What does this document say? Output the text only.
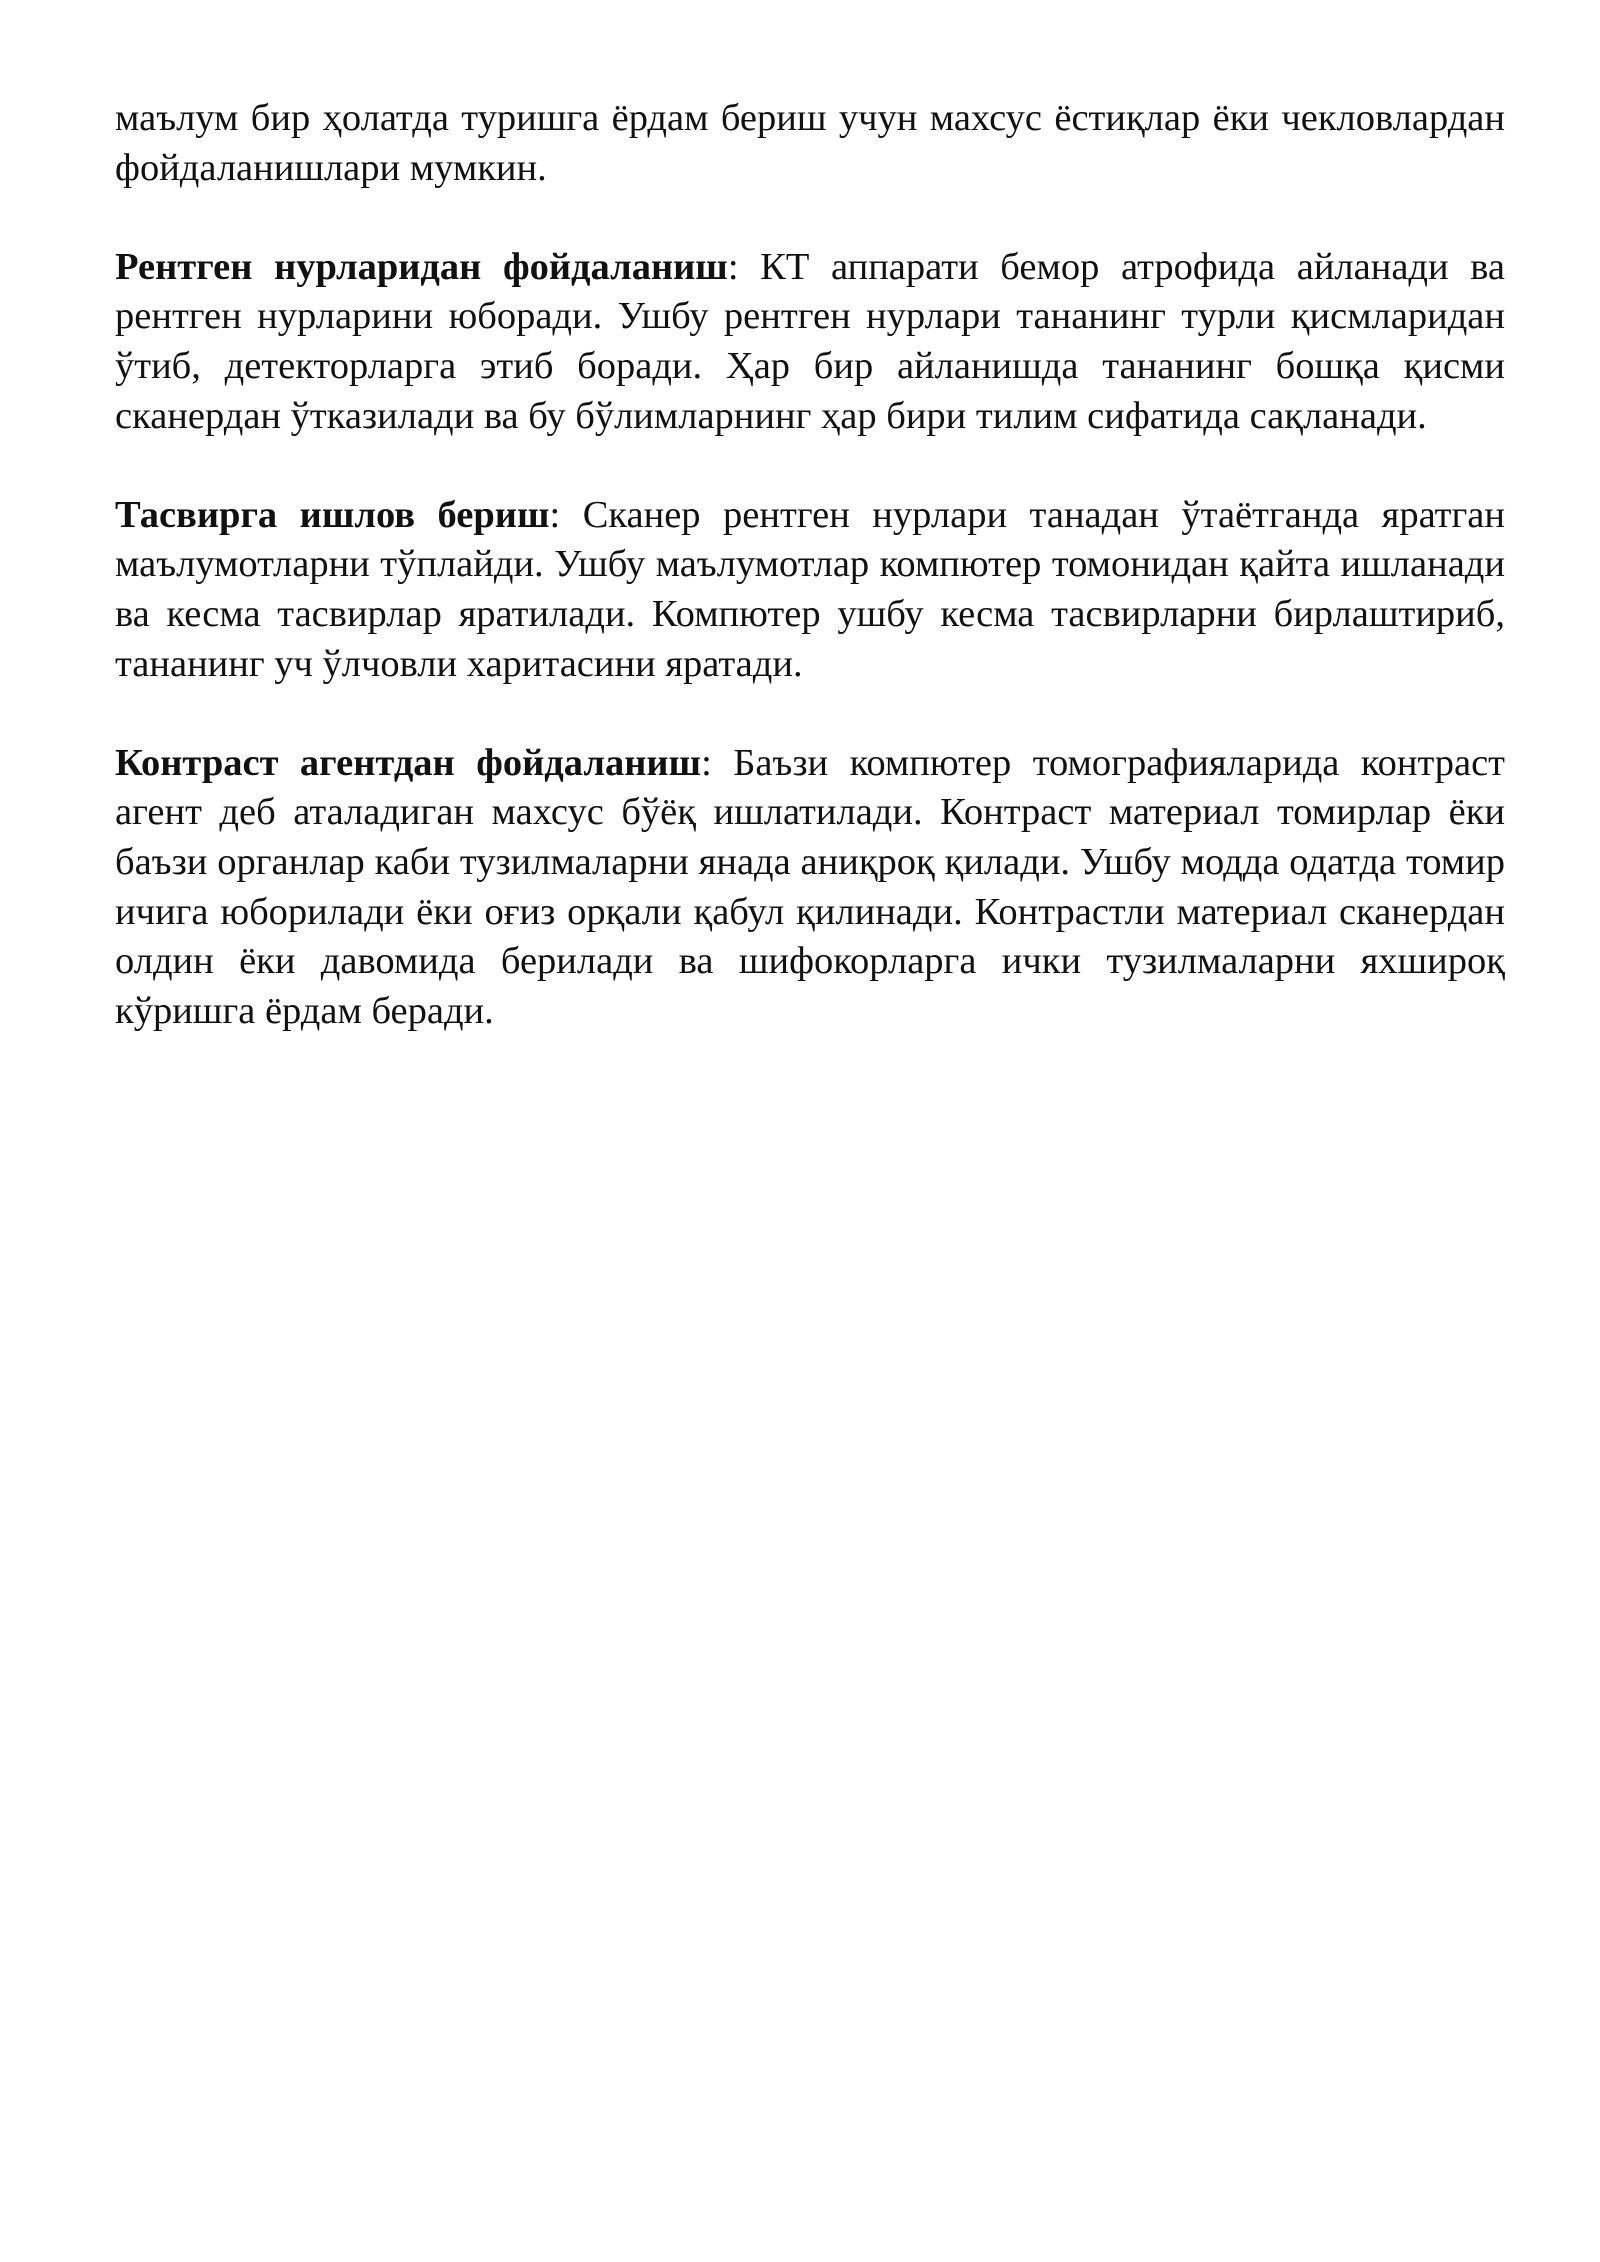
маълум бир ҳолатда туришга ёрдам бериш учун махсус ёстиқлар ёки чекловлардан фойдаланишлари мумкин.

Рентген нурларидан фойдаланиш: КТ аппарати бемор атрофида айланади ва рентген нурларини юборади. Ушбу рентген нурлари тананинг турли қисмларидан ўтиб, детекторларга этиб боради. Ҳар бир айланишда тананинг бошқа қисми сканердан ўтказилади ва бу бўлимларнинг ҳар бири тилим сифатида сақланади.

Тасвирга ишлов бериш: Сканер рентген нурлари танадан ўтаётганда яратган маълумотларни тўплайди. Ушбу маълумотлар компютер томонидан қайта ишланади ва кесма тасвирлар яратилади. Компютер ушбу кесма тасвирларни бирлаштириб, тананинг уч ўлчовли харитасини яратади.

Контраст агентдан фойдаланиш: Баъзи компютер томографияларида контраст агент деб аталадиган махсус бўёқ ишлатилади. Контраст материал томирлар ёки баъзи органлар каби тузилмаларни янада аниқроқ қилади. Ушбу модда одатда томир ичига юборилади ёки оғиз орқали қабул қилинади. Контрастли материал сканердан олдин ёки давомида берилади ва шифокорларга ички тузилмаларни яхшироқ кўришга ёрдам беради.
